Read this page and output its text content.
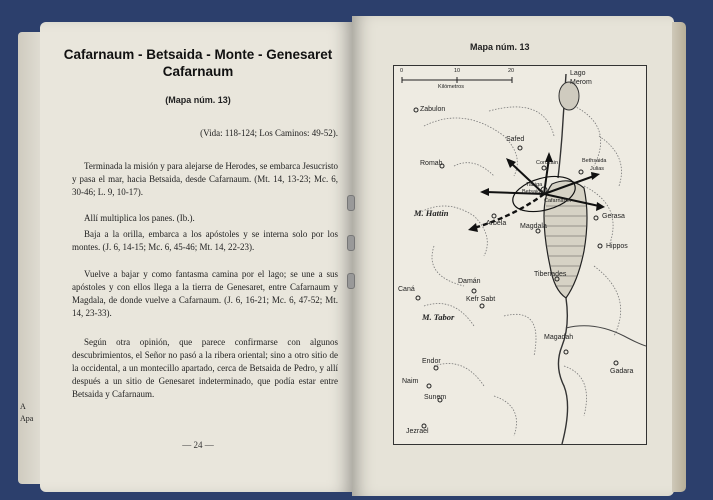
A
Apa
Cafarnaum - Betsaida - Monte - Genesaret
Cafarnaum
(Mapa núm. 13)
(Vida: 118-124; Los Caminos: 49-52).

Terminada la misión y para alejarse de Herodes, se embarca Jesucristo y pasa el mar, hacia Betsaida, desde Cafarnaum. (Mt. 14, 13-23; Mc. 6, 30-46; L. 9, 10-17).

Allí multiplica los panes. (Ib.).

Baja a la orilla, embarca a los apóstoles y se interna solo por los montes. (J. 6, 14-15; Mc. 6, 45-46; Mt. 14, 22-23).

Vuelve a bajar y como fantasma camina por el lago; se une a sus apóstoles y con ellos llega a la tierra de Genesaret, entre Cafarnaum y Magdala, de donde vuelve a Cafarnaum. (J. 6, 16-21; Mc. 6, 47-52; Mt. 14, 23-33).

Según otra opinión, que parece confirmarse con algunos descubrimientos, el Señor no pasó a la ribera oriental; sino a otro sitio de la occidental, a un montecillo apartado, cerca de Betsaida de Pedro, y allí después a un sitio de Genesaret indeterminado, que podía estar entre Betsaida y Cafarnaum.

— 24 —
Mapa núm. 13
0	10	20
Kilómetros
Lago
Merom
Zabulon
Safed
Romah	Corozain	Bethsaida
Julias
Tabiga
Betsaida
Cafarnaum
M. Hattin
Arbela Magdala
Gerasa
Tiberiades
Hippos
Caná
Damán
Kefr Sabt
M. Tabor
Magadah
Gadara
Endor
Naim
Sunem
Jezrael
